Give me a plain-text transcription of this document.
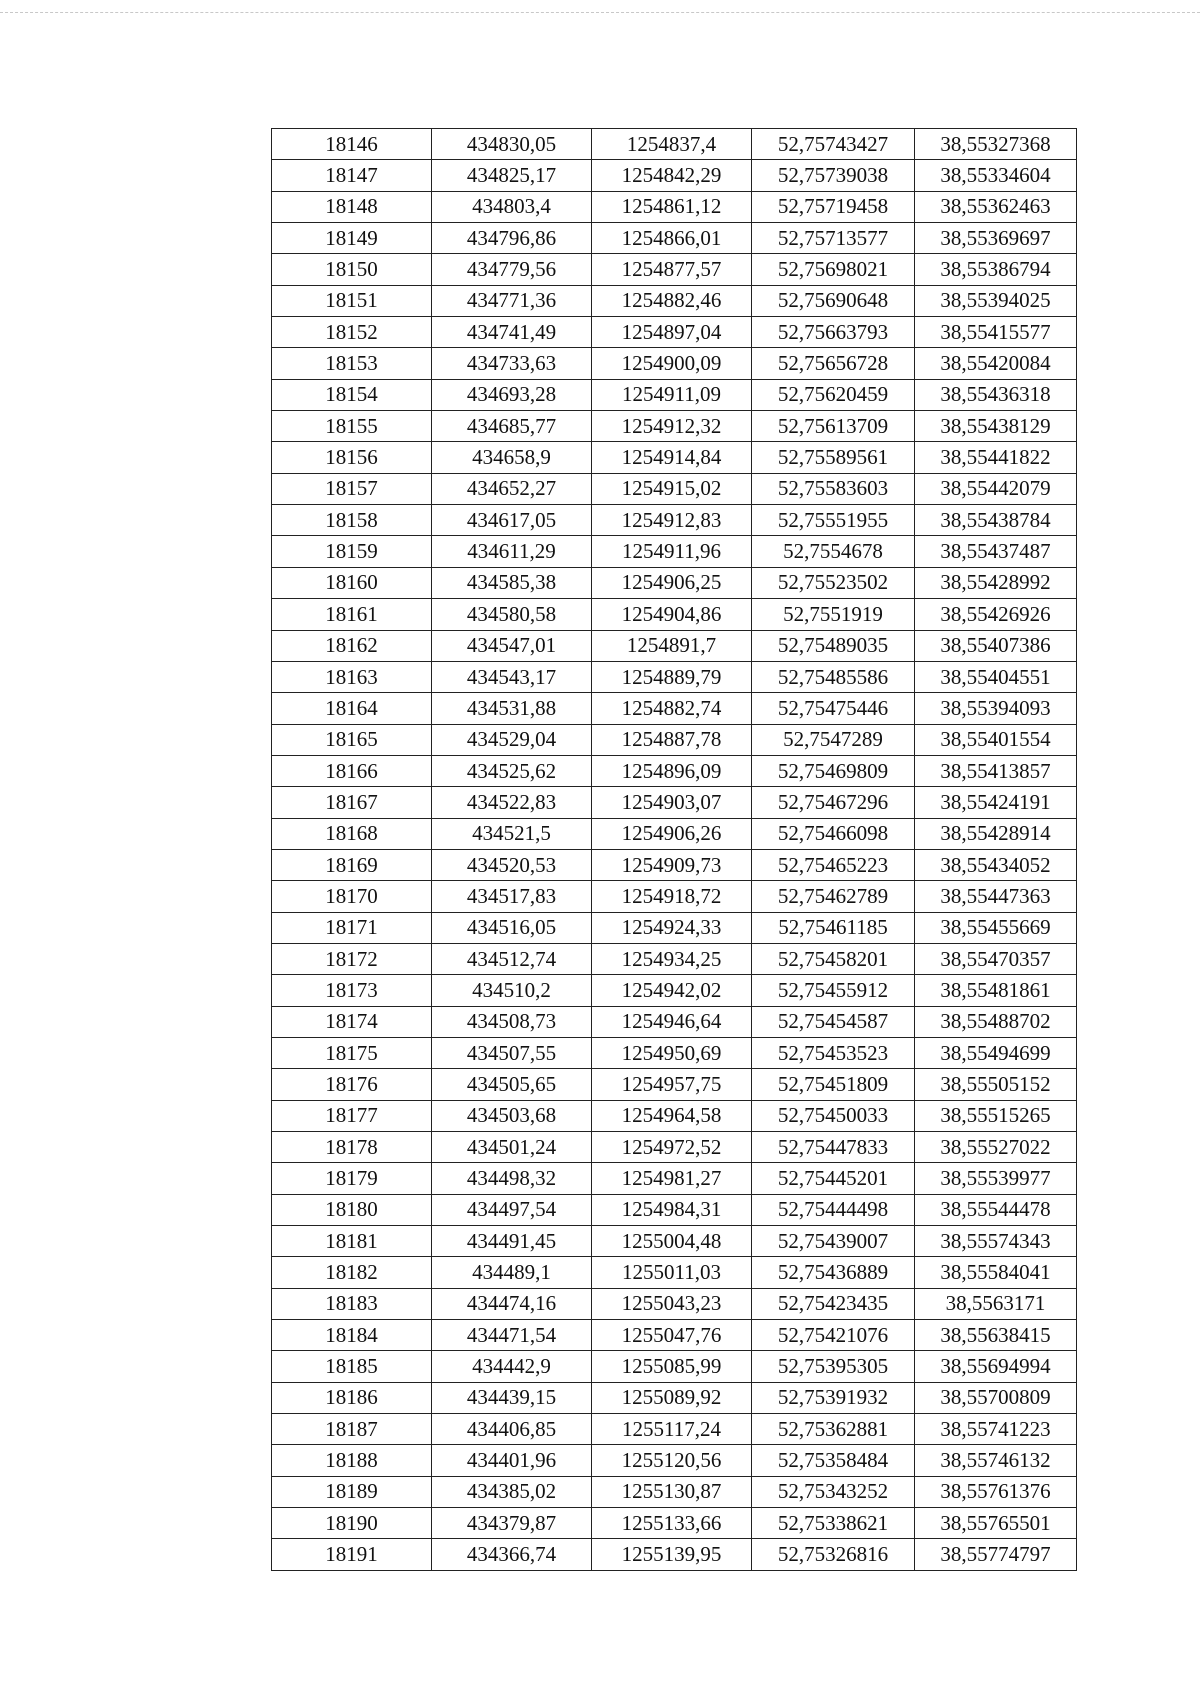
18146	434830,05	1254837,4	52,75743427	38,55327368
18147	434825,17	1254842,29	52,75739038	38,55334604
18148	434803,4	1254861,12	52,75719458	38,55362463
18149	434796,86	1254866,01	52,75713577	38,55369697
18150	434779,56	1254877,57	52,75698021	38,55386794
18151	434771,36	1254882,46	52,75690648	38,55394025
18152	434741,49	1254897,04	52,75663793	38,55415577
18153	434733,63	1254900,09	52,75656728	38,55420084
18154	434693,28	1254911,09	52,75620459	38,55436318
18155	434685,77	1254912,32	52,75613709	38,55438129
18156	434658,9	1254914,84	52,75589561	38,55441822
18157	434652,27	1254915,02	52,75583603	38,55442079
18158	434617,05	1254912,83	52,75551955	38,55438784
18159	434611,29	1254911,96	52,7554678	38,55437487
18160	434585,38	1254906,25	52,75523502	38,55428992
18161	434580,58	1254904,86	52,7551919	38,55426926
18162	434547,01	1254891,7	52,75489035	38,55407386
18163	434543,17	1254889,79	52,75485586	38,55404551
18164	434531,88	1254882,74	52,75475446	38,55394093
18165	434529,04	1254887,78	52,7547289	38,55401554
18166	434525,62	1254896,09	52,75469809	38,55413857
18167	434522,83	1254903,07	52,75467296	38,55424191
18168	434521,5	1254906,26	52,75466098	38,55428914
18169	434520,53	1254909,73	52,75465223	38,55434052
18170	434517,83	1254918,72	52,75462789	38,55447363
18171	434516,05	1254924,33	52,75461185	38,55455669
18172	434512,74	1254934,25	52,75458201	38,55470357
18173	434510,2	1254942,02	52,75455912	38,55481861
18174	434508,73	1254946,64	52,75454587	38,55488702
18175	434507,55	1254950,69	52,75453523	38,55494699
18176	434505,65	1254957,75	52,75451809	38,55505152
18177	434503,68	1254964,58	52,75450033	38,55515265
18178	434501,24	1254972,52	52,75447833	38,55527022
18179	434498,32	1254981,27	52,75445201	38,55539977
18180	434497,54	1254984,31	52,75444498	38,55544478
18181	434491,45	1255004,48	52,75439007	38,55574343
18182	434489,1	1255011,03	52,75436889	38,55584041
18183	434474,16	1255043,23	52,75423435	38,5563171
18184	434471,54	1255047,76	52,75421076	38,55638415
18185	434442,9	1255085,99	52,75395305	38,55694994
18186	434439,15	1255089,92	52,75391932	38,55700809
18187	434406,85	1255117,24	52,75362881	38,55741223
18188	434401,96	1255120,56	52,75358484	38,55746132
18189	434385,02	1255130,87	52,75343252	38,55761376
18190	434379,87	1255133,66	52,75338621	38,55765501
18191	434366,74	1255139,95	52,75326816	38,55774797
